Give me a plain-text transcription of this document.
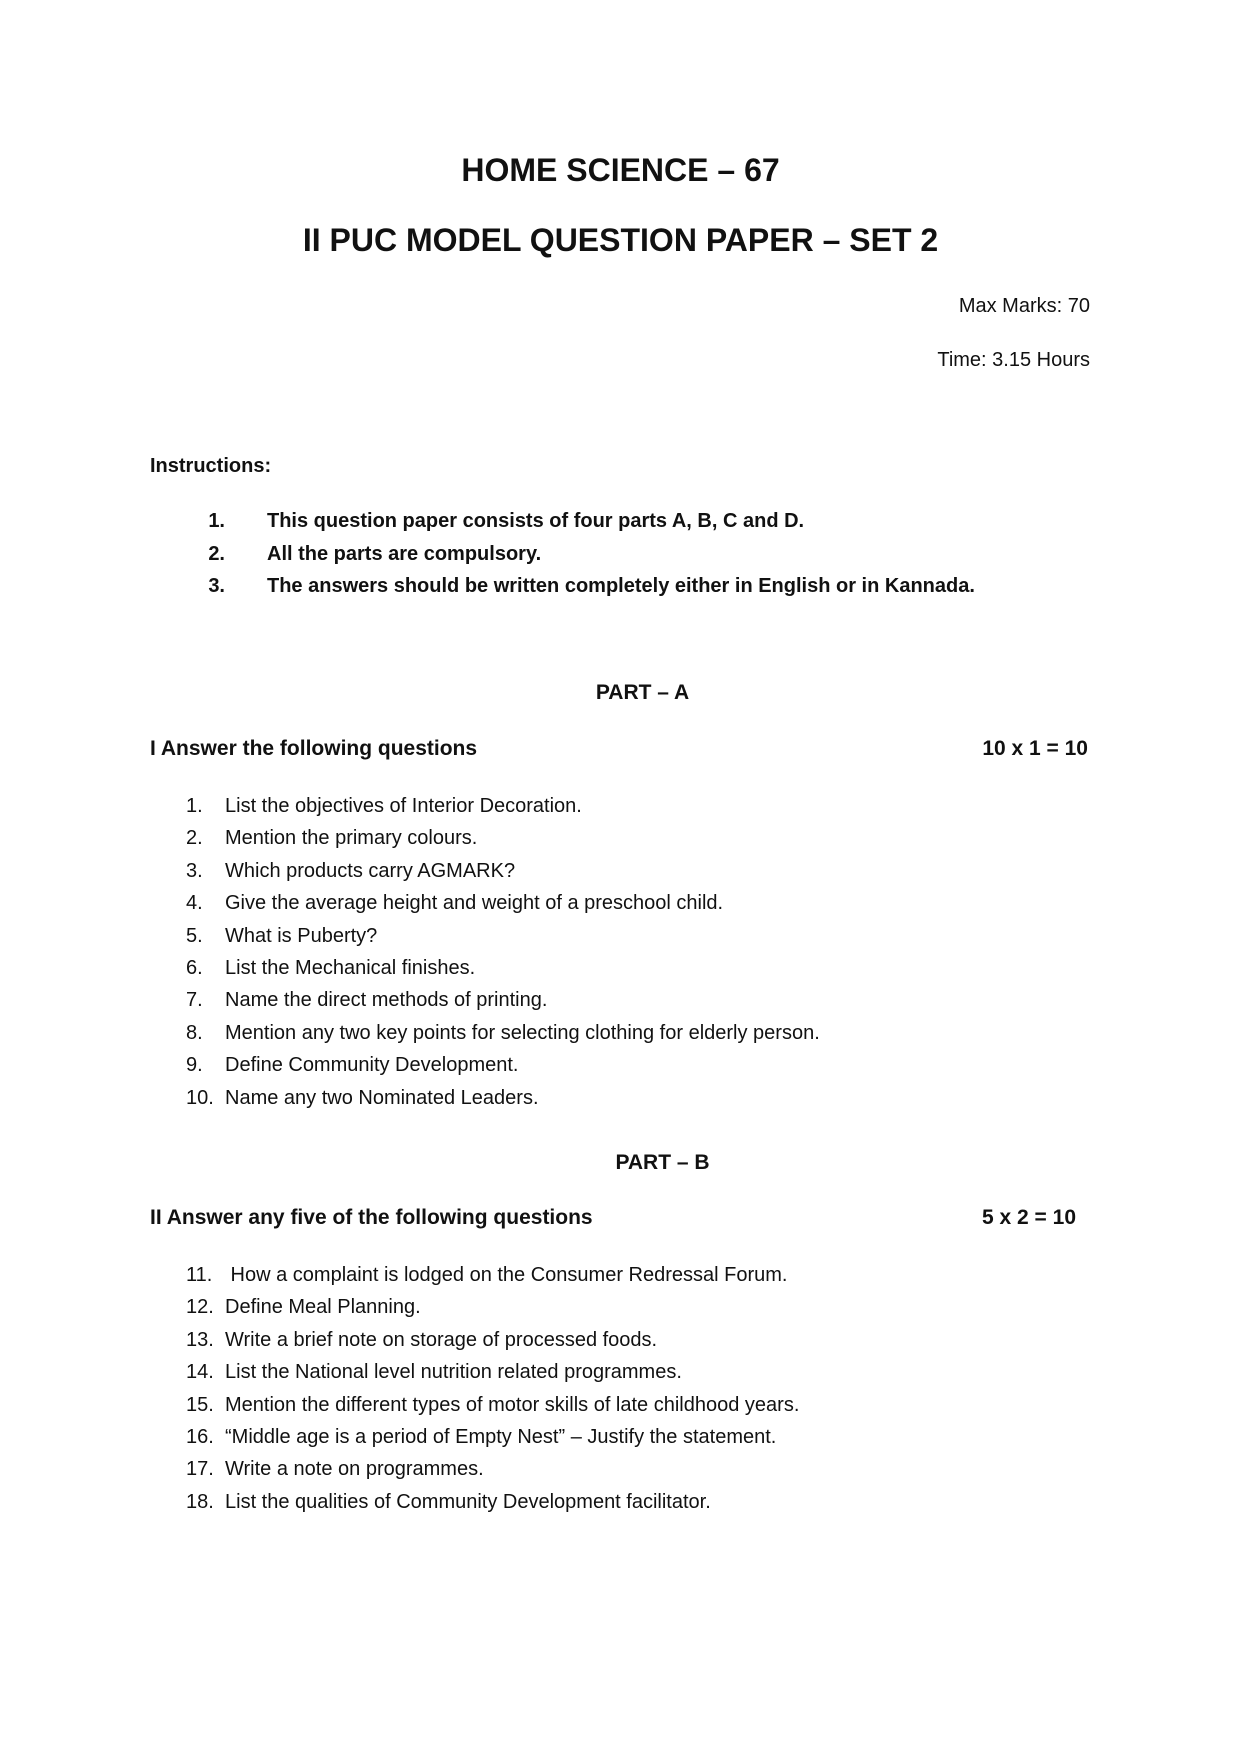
HOME SCIENCE – 67
II PUC MODEL QUESTION PAPER – SET 2
Max Marks: 70
Time: 3.15 Hours
Instructions:
1. This question paper consists of four parts A, B, C and D.
2. All the parts are compulsory.
3. The answers should be written completely either in English or in Kannada.
PART – A
I Answer the following questions	10 x 1 = 10
1. List the objectives of Interior Decoration.
2. Mention the primary colours.
3. Which products carry AGMARK?
4. Give the average height and weight of a preschool child.
5. What is Puberty?
6. List the Mechanical finishes.
7. Name the direct methods of printing.
8. Mention any two key points for selecting clothing for elderly person.
9. Define Community Development.
10. Name any two Nominated Leaders.
PART – B
II Answer any five of the following questions	5 x 2 = 10
11. How a complaint is lodged on the Consumer Redressal Forum.
12. Define Meal Planning.
13. Write a brief note on storage of processed foods.
14. List the National level nutrition related programmes.
15. Mention the different types of motor skills of late childhood years.
16. “Middle age is a period of Empty Nest” – Justify the statement.
17. Write a note on programmes.
18. List the qualities of Community Development facilitator.
